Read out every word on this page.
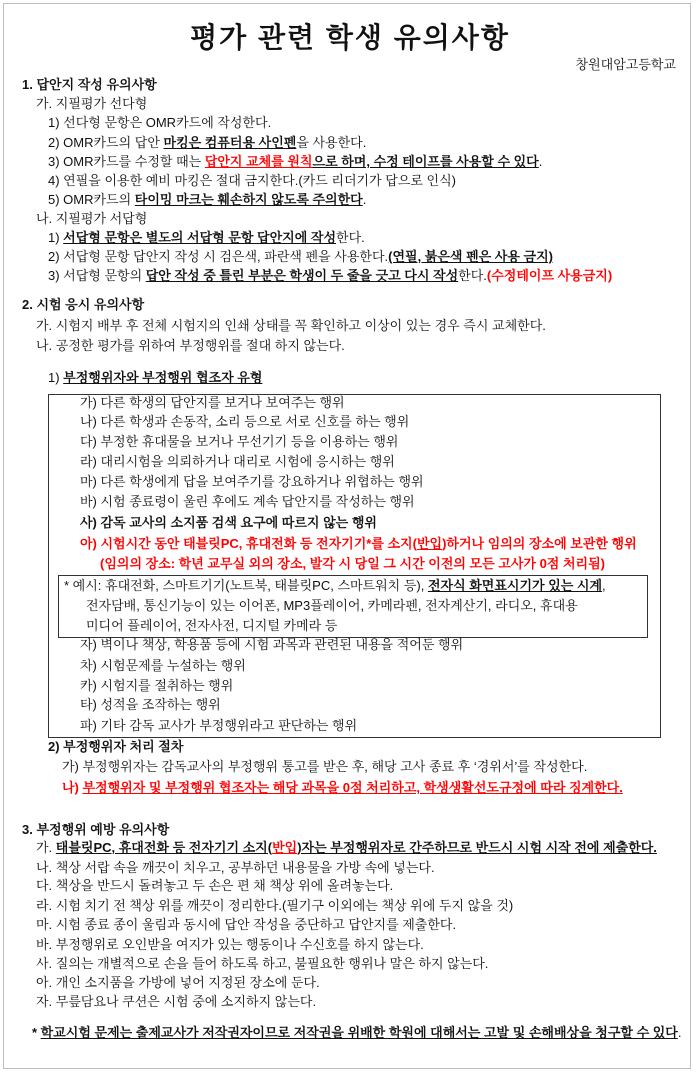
평가 관련 학생 유의사항
창원대암고등학교
1. 답안지 작성 유의사항
가. 지필평가 선다형
1) 선다형 문항은 OMR카드에 작성한다.
2) OMR카드의 답안 마킹은 컴퓨터용 사인펜을 사용한다.
3) OMR카드를 수정할 때는 답안지 교체를 원칙으로 하며, 수정 테이프를 사용할 수 있다.
4) 연필을 이용한 예비 마킹은 절대 금지한다.(카드 리더기가 답으로 인식)
5) OMR카드의 타이밍 마크는 훼손하지 않도록 주의한다.
나. 지필평가 서답형
1) 서답형 문항은 별도의 서답형 문항 답안지에 작성한다.
2) 서답형 문항 답안지 작성 시 검은색, 파란색 펜을 사용한다.(연필, 붉은색 펜은 사용 금지)
3) 서답형 문항의 답안 작성 중 틀린 부분은 학생이 두 줄을 긋고 다시 작성한다.(수정테이프 사용금지)
2. 시험 응시 유의사항
가. 시험지 배부 후 전체 시험지의 인쇄 상태를 꼭 확인하고 이상이 있는 경우 즉시 교체한다.
나. 공정한 평가를 위하여 부정행위를 절대 하지 않는다.
1) 부정행위자와 부정행위 협조자 유형
가) 다른 학생의 답안지를 보거나 보여주는 행위
나) 다른 학생과 손동작, 소리 등으로 서로 신호를 하는 행위
다) 부정한 휴대물을 보거나 무선기기 등을 이용하는 행위
라) 대리시험을 의뢰하거나 대리로 시험에 응시하는 행위
마) 다른 학생에게 답을 보여주기를 강요하거나 위협하는 행위
바) 시험 종료령이 울린 후에도 계속 답안지를 작성하는 행위
사) 감독 교사의 소지품 검색 요구에 따르지 않는 행위
아) 시험시간 동안 태블릿PC, 휴대전화 등 전자기기*를 소지(반입)하거나 임의의 장소에 보관한 행위
(임의의 장소: 학년 교무실 외의 장소, 발각 시 당일 그 시간 이전의 모든 고사가 0점 처리됨)
* 예시: 휴대전화, 스마트기기(노트북, 태블릿PC, 스마트워치 등), 전자식 화면표시기가 있는 시계,
전자담배, 통신기능이 있는 이어폰, MP3플레이어, 카메라펜, 전자계산기, 라디오, 휴대용
미디어 플레이어, 전자사전, 디지털 카메라 등
자) 벽이나 책상, 학용품 등에 시험 과목과 관련된 내용을 적어둔 행위
차) 시험문제를 누설하는 행위
카) 시험지를 절취하는 행위
타) 성적을 조작하는 행위
파) 기타 감독 교사가 부정행위라고 판단하는 행위
2) 부정행위자 처리 절차
가) 부정행위자는 감독교사의 부정행위 통고를 받은 후, 해당 고사 종료 후 ‘경위서’를 작성한다.
나) 부정행위자 및 부정행위 협조자는 해당 과목을 0점 처리하고, 학생생활선도규정에 따라 징계한다.
3. 부정행위 예방 유의사항
가. 태블릿PC, 휴대전화 등 전자기기 소지(반입)자는 부정행위자로 간주하므로 반드시 시험 시작 전에 제출한다.
나. 책상 서랍 속을 깨끗이 치우고, 공부하던 내용물을 가방 속에 넣는다.
다. 책상을 반드시 돌려놓고 두 손은 편 채 책상 위에 올려놓는다.
라. 시험 치기 전 책상 위를 깨끗이 정리한다.(필기구 이외에는 책상 위에 두지 않을 것)
마. 시험 종료 종이 울림과 동시에 답안 작성을 중단하고 답안지를 제출한다.
바. 부정행위로 오인받을 여지가 있는 행동이나 수신호를 하지 않는다.
사. 질의는 개별적으로 손을 들어 하도록 하고, 불필요한 행위나 말은 하지 않는다.
아. 개인 소지품을 가방에 넣어 지정된 장소에 둔다.
자. 무릎담요나 쿠션은 시험 중에 소지하지 않는다.
* 학교시험 문제는 출제교사가 저작권자이므로 저작권을 위배한 학원에 대해서는 고발 및 손해배상을 청구할 수 있다.
